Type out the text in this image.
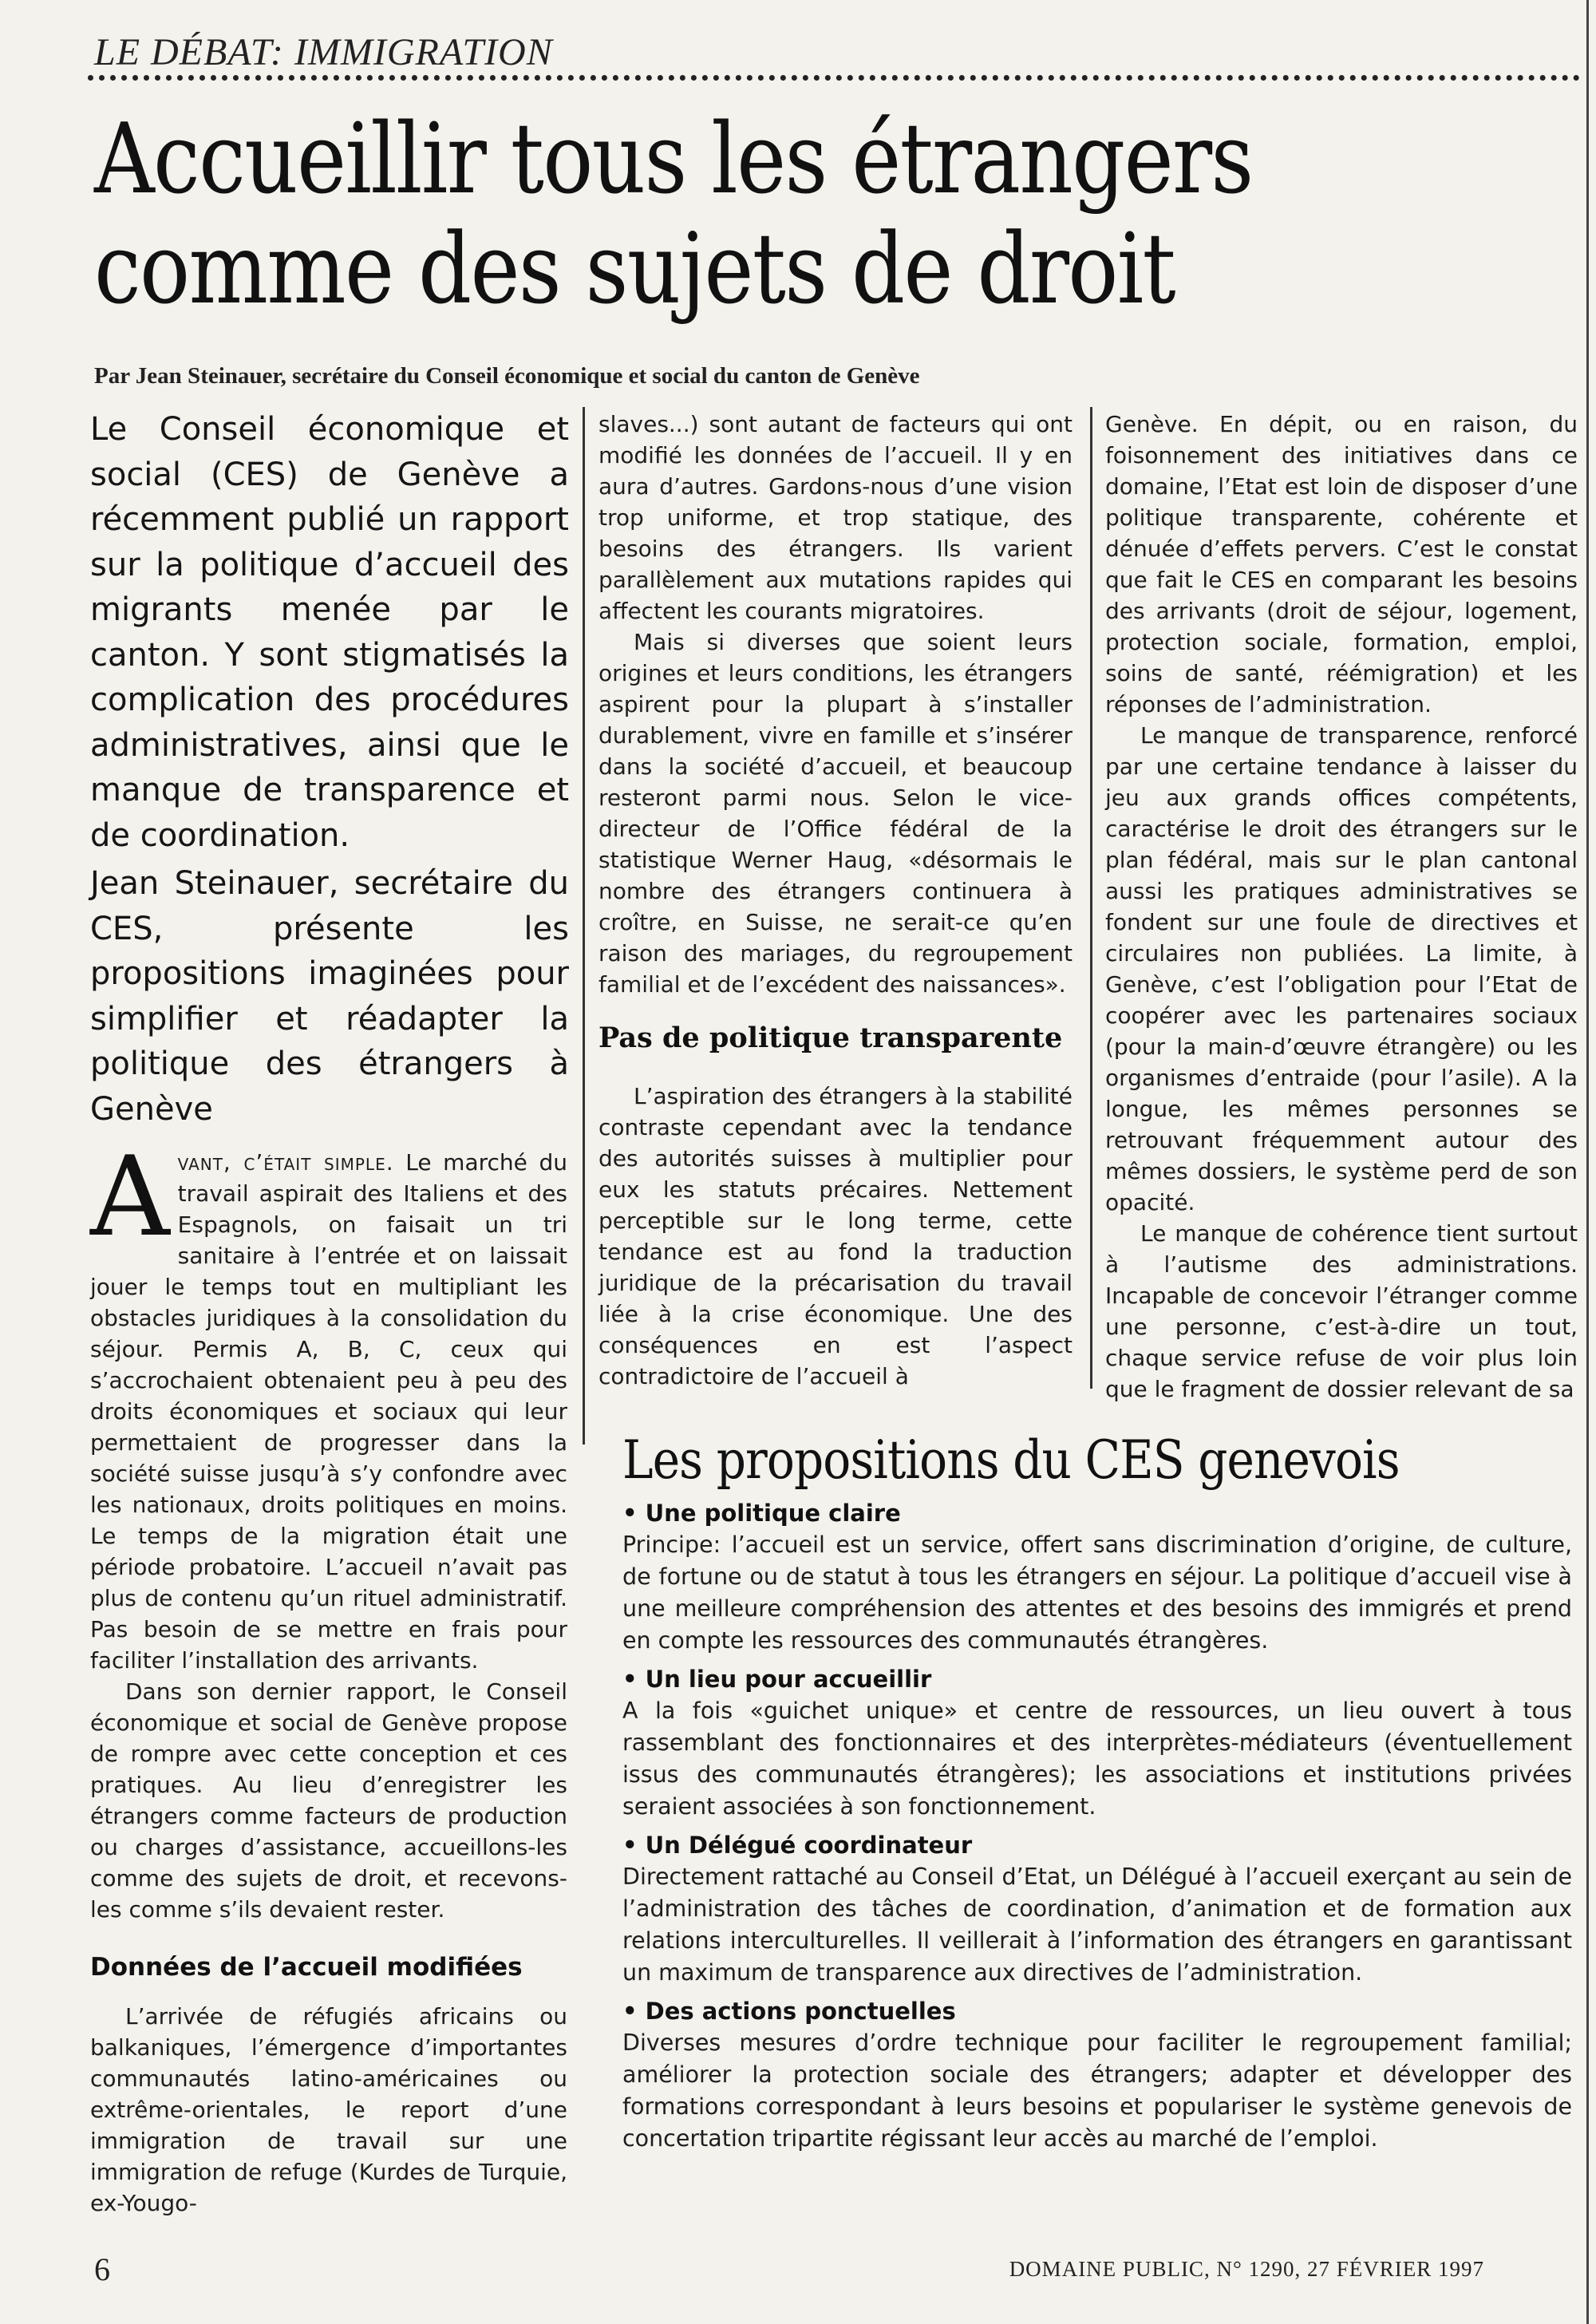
LE DÉBAT: IMMIGRATION
Accueillir tous les étrangers
comme des sujets de droit
Par Jean Steinauer, secrétaire du Conseil économique et social du canton de Genève

Le Conseil économique et social (CES) de Genève a récemment publié un rapport sur la politique d’accueil des migrants menée par le canton. Y sont stigmatisés la complication des procédures administratives, ainsi que le manque de transparence et de coordination.

Jean Steinauer, secrétaire du CES, présente les propositions imaginées pour simplifier et réadapter la politique des étrangers à Genève

Avant, c’était simple. Le marché du travail aspirait des Italiens et des Espagnols, on faisait un tri sanitaire à l’entrée et on laissait jouer le temps tout en multipliant les obstacles juridiques à la consolidation du séjour. Permis A, B, C, ceux qui s’accrochaient obtenaient peu à peu des droits économiques et sociaux qui leur permettaient de progresser dans la société suisse jusqu’à s’y confondre avec les nationaux, droits politiques en moins. Le temps de la migration était une période probatoire. L’accueil n’avait pas plus de contenu qu’un rituel administratif. Pas besoin de se mettre en frais pour faciliter l’installation des arrivants.

Dans son dernier rapport, le Conseil économique et social de Genève propose de rompre avec cette conception et ces pratiques. Au lieu d’enregistrer les étrangers comme facteurs de production ou charges d’assistance, accueillons-les comme des sujets de droit, et recevons-les comme s’ils devaient rester.

Données de l’accueil modifiées

L’arrivée de réfugiés africains ou balkaniques, l’émergence d’importantes communautés latino-américaines ou extrême-orientales, le report d’une immigration de travail sur une immigration de refuge (Kurdes de Turquie, ex-Yougo-

slaves...) sont autant de facteurs qui ont modifié les données de l’accueil. Il y en aura d’autres. Gardons-nous d’une vision trop uniforme, et trop statique, des besoins des étrangers. Ils varient parallèlement aux mutations rapides qui affectent les courants migratoires.

Mais si diverses que soient leurs origines et leurs conditions, les étrangers aspirent pour la plupart à s’installer durablement, vivre en famille et s’insérer dans la société d’accueil, et beaucoup resteront parmi nous. Selon le vice-directeur de l’Office fédéral de la statistique Werner Haug, «désormais le nombre des étrangers continuera à croître, en Suisse, ne serait-ce qu’en raison des mariages, du regroupement familial et de l’excédent des naissances».

Pas de politique transparente

L’aspiration des étrangers à la stabilité contraste cependant avec la tendance des autorités suisses à multiplier pour eux les statuts précaires. Nettement perceptible sur le long terme, cette tendance est au fond la traduction juridique de la précarisation du travail liée à la crise économique. Une des conséquences en est l’aspect contradictoire de l’accueil à

Genève. En dépit, ou en raison, du foisonnement des initiatives dans ce domaine, l’Etat est loin de disposer d’une politique transparente, cohérente et dénuée d’effets pervers. C’est le constat que fait le CES en comparant les besoins des arrivants (droit de séjour, logement, protection sociale, formation, emploi, soins de santé, réémigration) et les réponses de l’administration.

Le manque de transparence, renforcé par une certaine tendance à laisser du jeu aux grands offices compétents, caractérise le droit des étrangers sur le plan fédéral, mais sur le plan cantonal aussi les pratiques administratives se fondent sur une foule de directives et circulaires non publiées. La limite, à Genève, c’est l’obligation pour l’Etat de coopérer avec les partenaires sociaux (pour la main-d’œuvre étrangère) ou les organismes d’entraide (pour l’asile). A la longue, les mêmes personnes se retrouvant fréquemment autour des mêmes dossiers, le système perd de son opacité.

Le manque de cohérence tient surtout à l’autisme des administrations. Incapable de concevoir l’étranger comme une personne, c’est-à-dire un tout, chaque service refuse de voir plus loin que le fragment de dossier relevant de sa

Les propositions du CES genevois
• Une politique claire
Principe: l’accueil est un service, offert sans discrimination d’origine, de culture, de fortune ou de statut à tous les étrangers en séjour. La politique d’accueil vise à une meilleure compréhension des attentes et des besoins des immigrés et prend en compte les ressources des communautés étrangères.
• Un lieu pour accueillir
A la fois «guichet unique» et centre de ressources, un lieu ouvert à tous rassemblant des fonctionnaires et des interprètes-médiateurs (éventuellement issus des communautés étrangères); les associations et institutions privées seraient associées à son fonctionnement.
• Un Délégué coordinateur
Directement rattaché au Conseil d’Etat, un Délégué à l’accueil exerçant au sein de l’administration des tâches de coordination, d’animation et de formation aux relations interculturelles. Il veillerait à l’information des étrangers en garantissant un maximum de transparence aux directives de l’administration.
• Des actions ponctuelles
Diverses mesures d’ordre technique pour faciliter le regroupement familial; améliorer la protection sociale des étrangers; adapter et développer des formations correspondant à leurs besoins et populariser le système genevois de concertation tripartite régissant leur accès au marché de l’emploi.
6	DOMAINE PUBLIC, N° 1290, 27 FÉVRIER 1997
